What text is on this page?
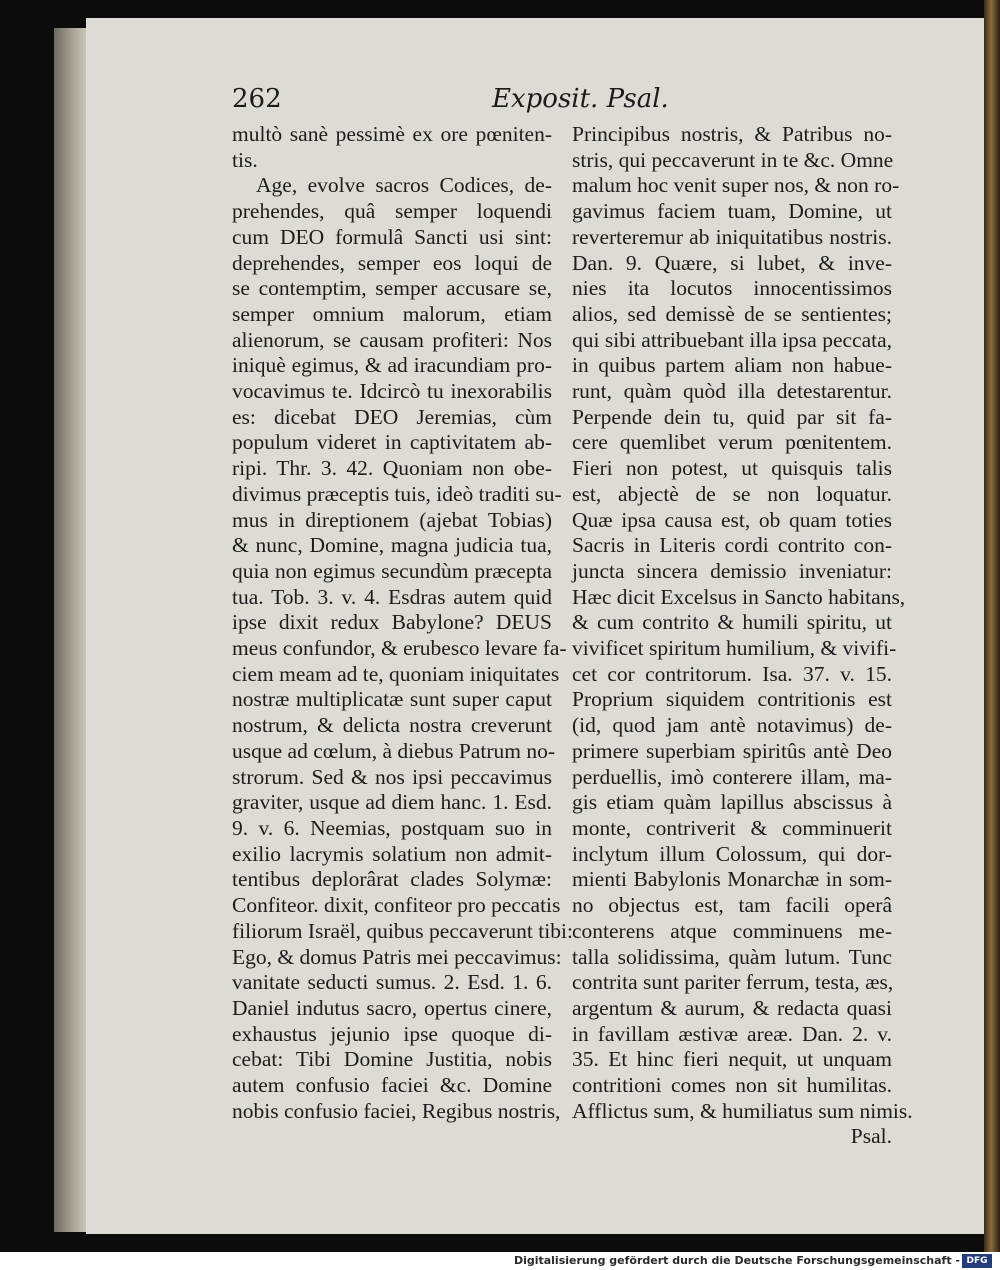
262	Exposit. Psal.
multò sanè pessimè ex ore pœniten-
tis.
Age, evolve sacros Codices, de-
prehendes, quâ semper loquendi
cum DEO formulâ Sancti usi sint:
deprehendes, semper eos loqui de
se contemptim, semper accusare se,
semper omnium malorum, etiam
alienorum, se causam profiteri: Nos
iniquè egimus, & ad iracundiam pro-
vocavimus te. Idcircò tu inexorabilis
es: dicebat DEO Jeremias, cùm
populum videret in captivitatem ab-
ripi. Thr. 3. 42. Quoniam non obe-
divimus præceptis tuis, ideò traditi su-
mus in direptionem (ajebat Tobias)
& nunc, Domine, magna judicia tua,
quia non egimus secundùm præcepta
tua. Tob. 3. v. 4. Esdras autem quid
ipse dixit redux Babylone? DEUS
meus confundor, & erubesco levare fa-
ciem meam ad te, quoniam iniquitates
nostræ multiplicatæ sunt super caput
nostrum, & delicta nostra creverunt
usque ad cœlum, à diebus Patrum no-
strorum. Sed & nos ipsi peccavimus
graviter, usque ad diem hanc. 1. Esd.
9. v. 6. Neemias, postquam suo in
exilio lacrymis solatium non admit-
tentibus deplorârat clades Solymæ:
Confiteor. dixit, confiteor pro peccatis
filiorum Israël, quibus peccaverunt tibi:
Ego, & domus Patris mei peccavimus:
vanitate seducti sumus. 2. Esd. 1. 6.
Daniel indutus sacro, opertus cinere,
exhaustus jejunio ipse quoque di-
cebat: Tibi Domine Justitia, nobis
autem confusio faciei &c. Domine
nobis confusio faciei, Regibus nostris,
Principibus nostris, & Patribus no-
stris, qui peccaverunt in te &c. Omne
malum hoc venit super nos, & non ro-
gavimus faciem tuam, Domine, ut
reverteremur ab iniquitatibus nostris.
Dan. 9. Quære, si lubet, & inve-
nies ita locutos innocentissimos
alios, sed demissè de se sentientes;
qui sibi attribuebant illa ipsa peccata,
in quibus partem aliam non habue-
runt, quàm quòd illa detestarentur.
Perpende dein tu, quid par sit fa-
cere quemlibet verum pœnitentem.
Fieri non potest, ut quisquis talis
est, abjectè de se non loquatur.
Quæ ipsa causa est, ob quam toties
Sacris in Literis cordi contrito con-
juncta sincera demissio inveniatur:
Hæc dicit Excelsus in Sancto habitans,
& cum contrito & humili spiritu, ut
vivificet spiritum humilium, & vivifi-
cet cor contritorum. Isa. 37. v. 15.
Proprium siquidem contritionis est
(id, quod jam antè notavimus) de-
primere superbiam spiritûs antè Deo
perduellis, imò conterere illam, ma-
gis etiam quàm lapillus abscissus à
monte, contriverit & comminuerit
inclytum illum Colossum, qui dor-
mienti Babylonis Monarchæ in som-
no objectus est, tam facili operâ
conterens atque comminuens me-
talla solidissima, quàm lutum. Tunc
contrita sunt pariter ferrum, testa, æs,
argentum & aurum, & redacta quasi
in favillam æstivæ areæ. Dan. 2. v.
35. Et hinc fieri nequit, ut unquam
contritioni comes non sit humilitas.
Afflictus sum, & humiliatus sum nimis.
Psal.
Digitalisierung gefördert durch die Deutsche Forschungsgemeinschaft - DFG
